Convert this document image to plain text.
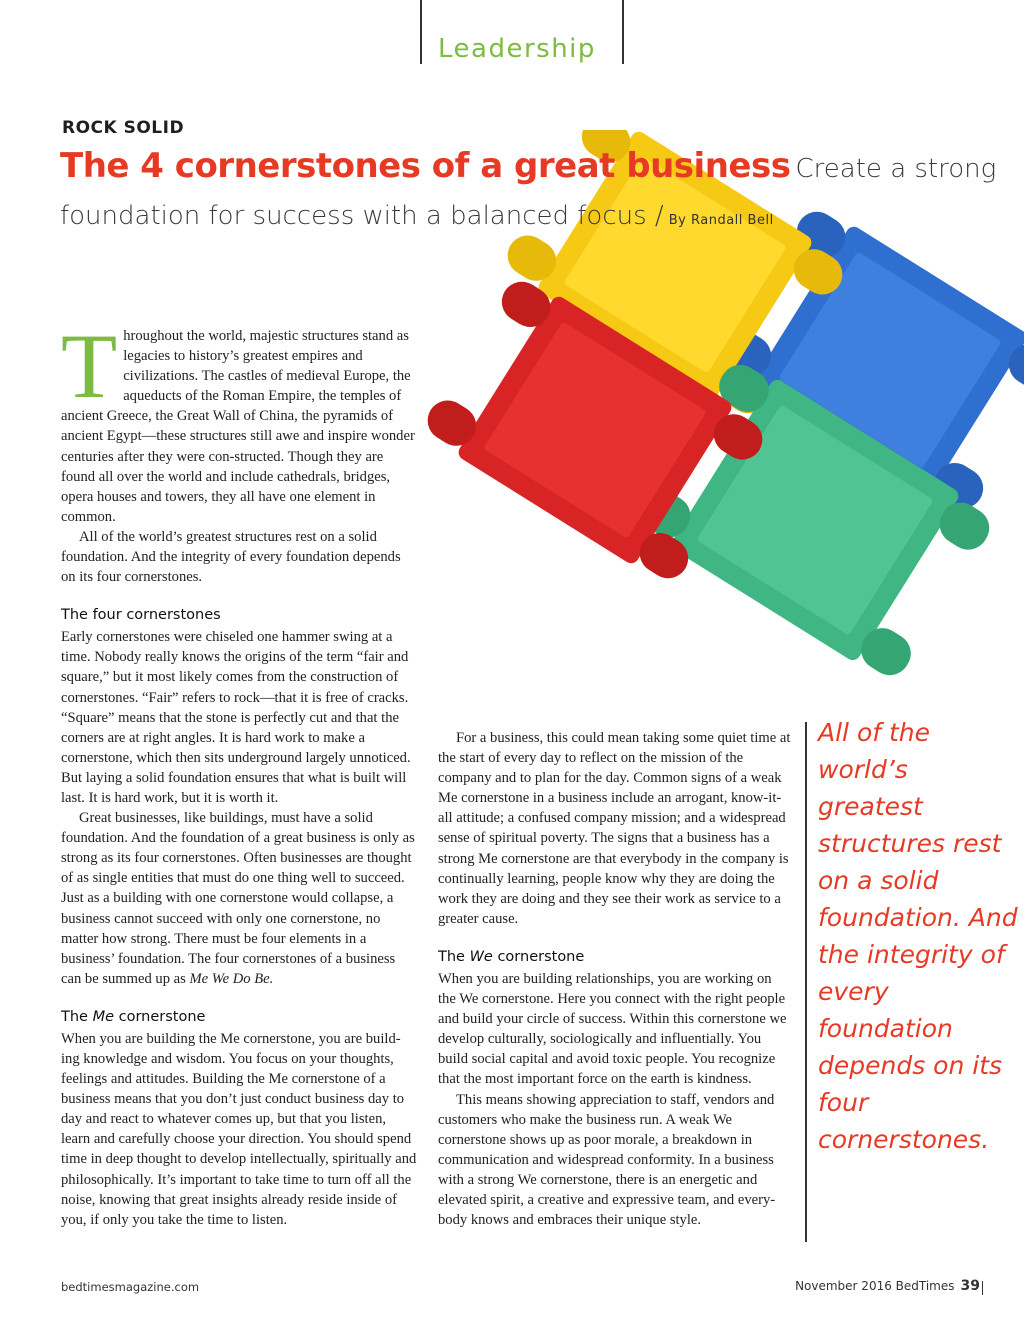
Leadership
ROCK SOLID
The 4 cornerstones of a great business Create a strong foundation for success with a balanced focus / By Randall Bell

Throughout the world, majestic structures stand as legacies to history’s greatest empires and civilizations. The castles of medieval Europe, the aqueducts of the Roman Empire, the temples of ancient Greece, the Great Wall of China, the pyramids of ancient Egypt—these structures still awe and inspire wonder centuries after they were con-structed. Though they are found all over the world and include cathedrals, bridges, opera houses and towers, they all have one element in common.

All of the world’s greatest structures rest on a solid foundation. And the integrity of every foundation depends on its four cornerstones.

The four cornerstones

Early cornerstones were chiseled one hammer swing at a time. Nobody really knows the origins of the term “fair and square,” but it most likely comes from the construction of cornerstones. “Fair” refers to rock—that it is free of cracks. “Square” means that the stone is perfectly cut and that the corners are at right angles. It is hard work to make a cornerstone, which then sits underground largely unnoticed. But laying a solid foundation ensures that what is built will last. It is hard work, but it is worth it.

Great businesses, like buildings, must have a solid foundation. And the foundation of a great business is only as strong as its four cornerstones. Often businesses are thought of as single entities that must do one thing well to succeed. Just as a building with one cornerstone would collapse, a business cannot succeed with only one cornerstone, no matter how strong. There must be four elements in a business’ foundation. The four cornerstones of a business can be summed up as Me We Do Be.

The Me cornerstone

When you are building the Me cornerstone, you are build-ing knowledge and wisdom. You focus on your thoughts, feelings and attitudes. Building the Me cornerstone of a business means that you don’t just conduct business day to day and react to whatever comes up, but that you listen, learn and carefully choose your direction. You should spend time in deep thought to develop intellectually, spiritually and philosophically. It’s important to take time to turn off all the noise, knowing that great insights already reside inside of you, if only you take the time to listen.

For a business, this could mean taking some quiet time at the start of every day to reflect on the mission of the company and to plan for the day. Common signs of a weak Me cornerstone in a business include an arrogant, know-it-all attitude; a confused company mission; and a widespread sense of spiritual poverty. The signs that a business has a strong Me cornerstone are that everybody in the company is continually learning, people know why they are doing the work they are doing and they see their work as service to a greater cause.

The We cornerstone

When you are building relationships, you are working on the We cornerstone. Here you connect with the right people and build your circle of success. Within this cornerstone we develop culturally, sociologically and influentially. You build social capital and avoid toxic people. You recognize that the most important force on the earth is kindness.

This means showing appreciation to staff, vendors and customers who make the business run. A weak We cornerstone shows up as poor morale, a breakdown in communication and widespread conformity. In a business with a strong We cornerstone, there is an energetic and elevated spirit, a creative and expressive team, and every-body knows and embraces their unique style.

All of the world’s greatest structures rest on a solid foundation. And the integrity of every foundation depends on its four cornerstones.
bedtimesmagazine.com	November 2016 BedTimes 39
